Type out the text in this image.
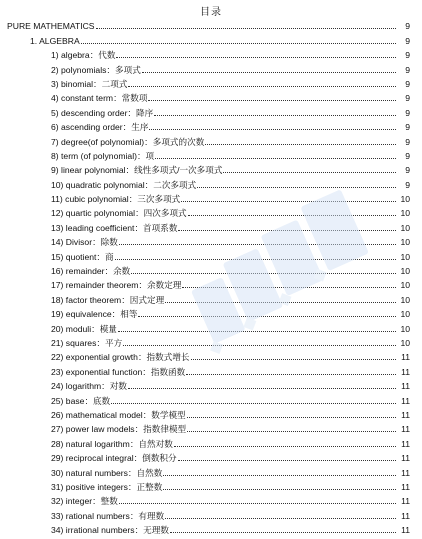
目录
PURE MATHEMATICS	9
1. ALGEBRA	9
1) algebra：代数	9
2) polynomials：多项式	9
3) binomial：二项式	9
4) constant term：常数项	9
5) descending order：降序	9
6) ascending order：生序	9
7) degree(of polynomial)：多项式的次数	9
8) term (of polynomial)：项	9
9) linear polynomial：线性多项式/一次多项式	9
10) quadratic polynomial：二次多项式	9
11) cubic polynomial：三次多项式	10
12) quartic polynomial：四次多项式	10
13) leading coefficient：首项系数	10
14) Divisor：除数	10
15) quotient：商	10
16) remainder：余数	10
17) remainder theorem：余数定理	10
18) factor theorem：因式定理	10
19) equivalence：相等	10
20) moduli：模量	10
21) squares：平方	10
22) exponential growth：指数式增长	11
23) exponential function：指数函数	11
24) logarithm：对数	11
25) base：底数	11
26) mathematical model：数学模型	11
27) power law models：指数律模型	11
28) natural logarithm：自然对数	11
29) reciprocal integral：倒数积分	11
30) natural numbers：自然数	11
31) positive integers：正整数	11
32) integer：整数	11
33) rational numbers：有理数	11
34) irrational numbers：无理数	11
